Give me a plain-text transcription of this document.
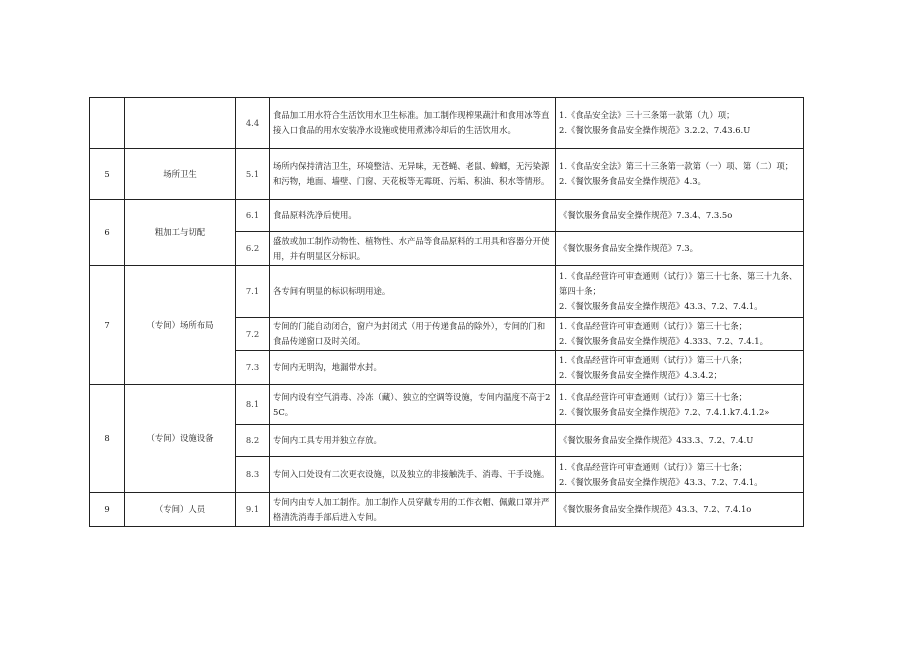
		4.4	食品加工用水符合生活饮用水卫生标准。加工制作现榨果蔬汁和食用冰等直接入口食品的用水安装净水设施或使用煮沸冷却后的生活饮用水。	1.《食品安全法》三十三条第一款第（九）项；
2.《餐饮服务食品安全操作规范》3.2.2、7.43.6.U

5	场所卫生	5.1	场所内保持清洁卫生，环境整洁、无异味，无苍蝇、老鼠、蟑螂，无污染源和污物，地面、墙壁、门窗、天花板等无霉斑、污垢、积油、积水等情形。	1.《食品安全法》第三十三条第一款第（一）项、第（二）项；
2.《餐饮服务食品安全操作规范》4.3。

6	粗加工与切配	6.1	食品原料洗净后使用。	《餐饮服务食品安全操作规范》7.3.4、7.3.5o

		6.2	盛放或加工制作动物性、植物性、水产品等食品原料的工用具和容器分开使用，并有明显区分标识。	《餐饮服务食品安全操作规范》7.3。

7	（专间）场所布局	7.1	各专间有明显的标识标明用途。	1.《食品经营许可审查通则（试行）》第三十七条、第三十九条、第四十条；
2.《餐饮服务食品安全操作规范》43.3、7.2、7.4.1。

		7.2	专间的门能自动闭合，窗户为封闭式（用于传递食品的除外），专间的门和食品传递窗口及时关闭。	1.《食品经营许可审查通则（试行）》第三十七条；
2.《餐饮服务食品安全操作规范》4.333、7.2、7.4.1。

		7.3	专间内无明沟，地漏带水封。	1.《食品经营许可审查通则（试行）》第三十八条；
2.《餐饮服务食品安全操作规范》4.3.4.2；

8	（专间）设施设备	8.1	专间内设有空气消毒、冷冻（藏）、独立的空调等设施，专间内温度不高于25C。	1.《食品经营许可审查通则（试行）》第三十七条；
2.《餐饮服务食品安全操作规范》7.2、7.4.1.k7.4.1.2»

		8.2	专间内工具专用并独立存放。	《餐饮服务食品安全操作规范》433.3、7.2、7.4.U

		8.3	专间入口处设有二次更衣设施，以及独立的非接触洗手、消毒、干手设施。	1.《食品经营许可审查通则（试行）》第三十七条；
2.《餐饮服务食品安全操作规范》43.3、7.2、7.4.1。

9	（专间）人员	9.1	专间内由专人加工制作。加工制作人员穿戴专用的工作衣帽、佩戴口罩并严格清洗消毒手部后进入专间。	《餐饮服务食品安全操作规范》43.3、7.2、7.4.1o
